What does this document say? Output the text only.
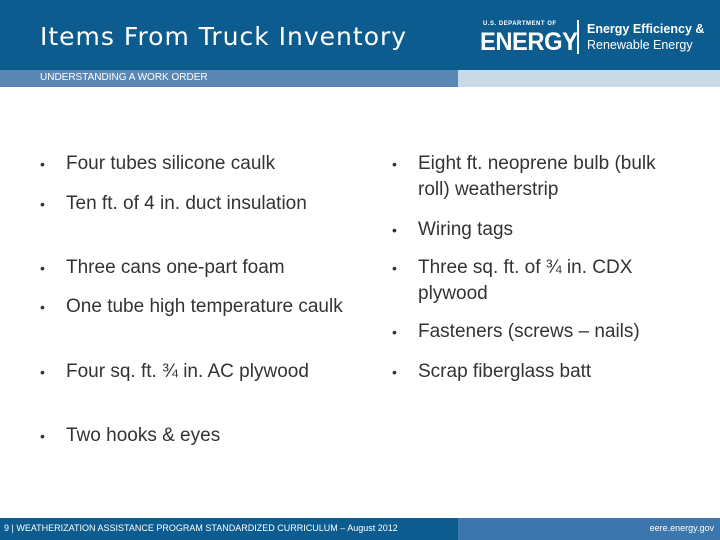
Items From Truck Inventory	U.S. DEPARTMENT OF
ENERGY Energy Efficiency &
Renewable Energy
UNDERSTANDING A WORK ORDER
• Four tubes silicone caulk
• Ten ft. of 4 in. duct insulation
• Three cans one-part foam
• One tube high temperature caulk
• Four sq. ft. ¾ in. AC plywood
• Two hooks & eyes
• Eight ft. neoprene bulb (bulk roll) weatherstrip
• Wiring tags
• Three sq. ft. of ¾ in. CDX plywood
• Fasteners (screws – nails)
• Scrap fiberglass batt
9 | WEATHERIZATION ASSISTANCE PROGRAM STANDARDIZED CURRICULUM – August 2012	eere.energy.gov
